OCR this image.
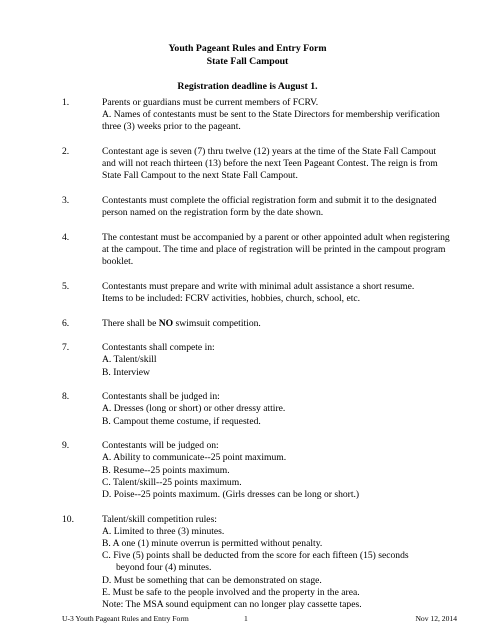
Youth Pageant Rules and Entry Form
State Fall Campout
Registration deadline is August 1.
1.	Parents or guardians must be current members of FCRV.
A. Names of contestants must be sent to the State Directors for membership verification three (3) weeks prior to the pageant.
2.	Contestant age is seven (7) thru twelve (12) years at the time of the State Fall Campout and will not reach thirteen (13) before the next Teen Pageant Contest. The reign is from State Fall Campout to the next State Fall Campout.
3.	Contestants must complete the official registration form and submit it to the designated person named on the registration form by the date shown.
4.	The contestant must be accompanied by a parent or other appointed adult when registering at the campout. The time and place of registration will be printed in the campout program booklet.
5.	Contestants must prepare and write with minimal adult assistance a short resume.
Items to be included: FCRV activities, hobbies, church, school, etc.
6.	There shall be NO swimsuit competition.
7.	Contestants shall compete in:
A. Talent/skill
B. Interview
8.	Contestants shall be judged in:
A. Dresses (long or short) or other dressy attire.
B. Campout theme costume, if requested.
9.	Contestants will be judged on:
A. Ability to communicate--25 point maximum.
B. Resume--25 points maximum.
C. Talent/skill--25 points maximum.
D. Poise--25 points maximum. (Girls dresses can be long or short.)
10.	Talent/skill competition rules:
A. Limited to three (3) minutes.
B. A one (1) minute overrun is permitted without penalty.
C. Five (5) points shall be deducted from the score for each fifteen (15) seconds
beyond four (4) minutes.
D. Must be something that can be demonstrated on stage.
E. Must be safe to the people involved and the property in the area.
Note: The MSA sound equipment can no longer play cassette tapes.
U-3 Youth Pageant Rules and Entry Form	1	Nov 12, 2014
